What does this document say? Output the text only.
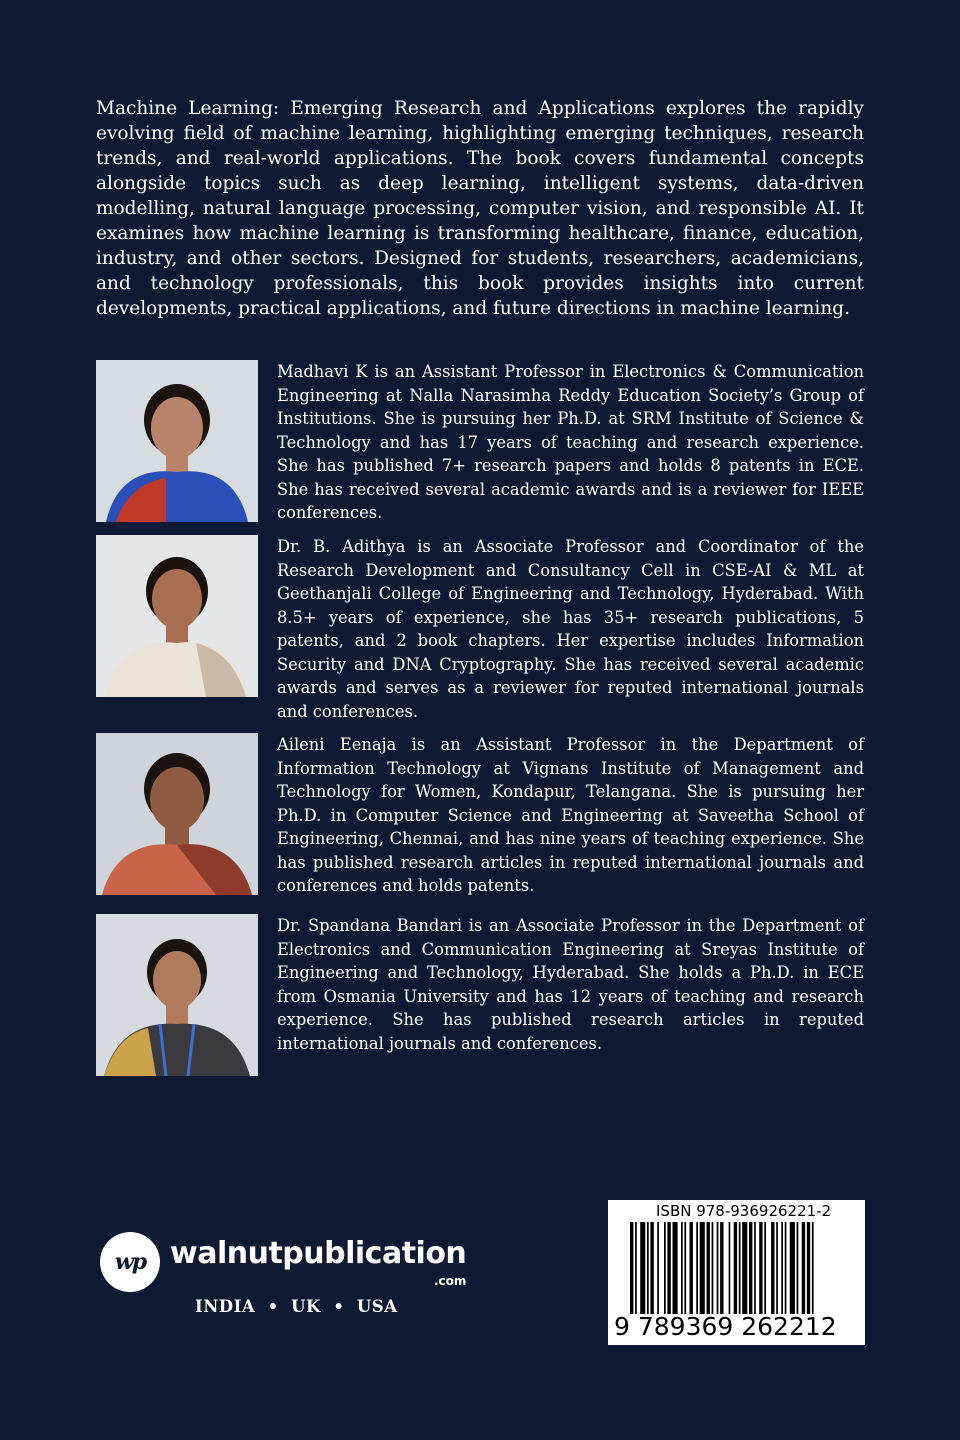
Machine Learning: Emerging Research and Applications explores the rapidly evolving field of machine learning, highlighting emerging techniques, research trends, and real-world applications. The book covers fundamental concepts alongside topics such as deep learning, intelligent systems, data-driven modelling, natural language processing, computer vision, and responsible AI. It examines how machine learning is transforming healthcare, finance, education, industry, and other sectors. Designed for students, researchers, academicians, and technology professionals, this book provides insights into current developments, practical applications, and future directions in machine learning.

Madhavi K is an Assistant Professor in Electronics & Communication Engineering at Nalla Narasimha Reddy Education Society’s Group of Institutions. She is pursuing her Ph.D. at SRM Institute of Science & Technology and has 17 years of teaching and research experience. She has published 7+ research papers and holds 8 patents in ECE. She has received several academic awards and is a reviewer for IEEE conferences.

Dr. B. Adithya is an Associate Professor and Coordinator of the Research Development and Consultancy Cell in CSE-AI & ML at Geethanjali College of Engineering and Technology, Hyderabad. With 8.5+ years of experience, she has 35+ research publications, 5 patents, and 2 book chapters. Her expertise includes Information Security and DNA Cryptography. She has received several academic awards and serves as a reviewer for reputed international journals and conferences.

Aileni Eenaja is an Assistant Professor in the Department of Information Technology at Vignans Institute of Management and Technology for Women, Kondapur, Telangana. She is pursuing her Ph.D. in Computer Science and Engineering at Saveetha School of Engineering, Chennai, and has nine years of teaching experience. She has published research articles in reputed international journals and conferences and holds patents.

Dr. Spandana Bandari is an Associate Professor in the Department of Electronics and Communication Engineering at Sreyas Institute of Engineering and Technology, Hyderabad. She holds a Ph.D. in ECE from Osmania University and has 12 years of teaching and research experience. She has published research articles in reputed international journals and conferences.

wp walnutpublication
.com
INDIA  •  UK  •  USA
ISBN 978-936926221-2
9 789369 262212
